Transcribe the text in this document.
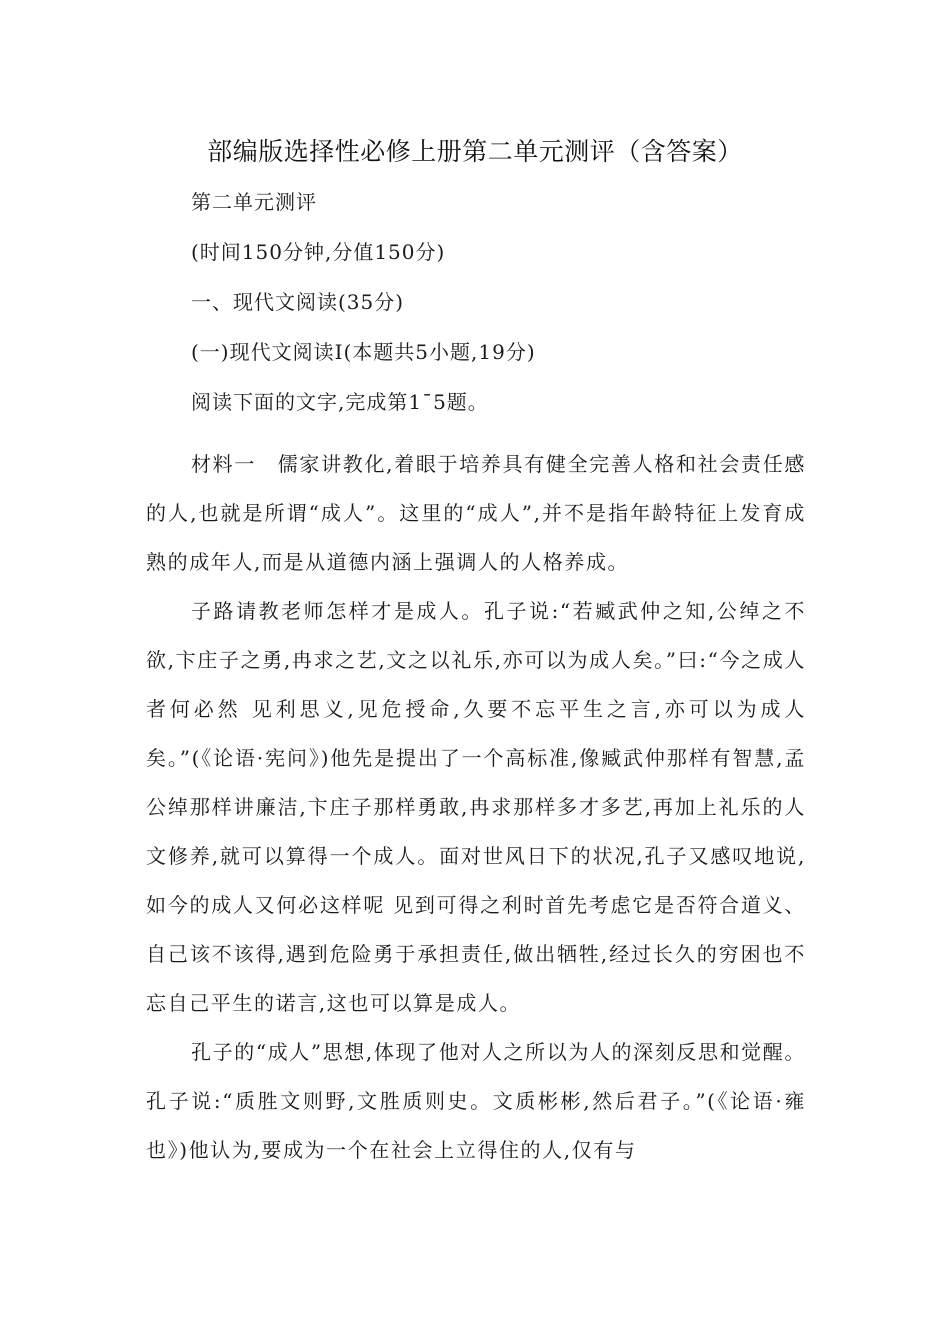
部编版选择性必修上册第二单元测评（含答案）
第二单元测评
(时间150分钟,分值150分)
一、现代文阅读(35分)
(一)现代文阅读Ⅰ(本题共5小题,19分)
阅读下面的文字,完成第1¯5题。

材料一　儒家讲教化,着眼于培养具有健全完善人格和社会责任感的人,也就是所谓“成人”。这里的“成人”,并不是指年龄特征上发育成熟的成年人,而是从道德内涵上强调人的人格养成。

子路请教老师怎样才是成人。孔子说:“若臧武仲之知,公绰之不欲,卞庄子之勇,冉求之艺,文之以礼乐,亦可以为成人矣。”曰:“今之成人者何必然 见利思义,见危授命,久要不忘平生之言,亦可以为成人矣。”(《论语·宪问》)他先是提出了一个高标准,像臧武仲那样有智慧,孟公绰那样讲廉洁,卞庄子那样勇敢,冉求那样多才多艺,再加上礼乐的人文修养,就可以算得一个成人。面对世风日下的状况,孔子又感叹地说,如今的成人又何必这样呢 见到可得之利时首先考虑它是否符合道义、自己该不该得,遇到危险勇于承担责任,做出牺牲,经过长久的穷困也不忘自己平生的诺言,这也可以算是成人。

孔子的“成人”思想,体现了他对人之所以为人的深刻反思和觉醒。孔子说:“质胜文则野,文胜质则史。文质彬彬,然后君子。”(《论语·雍也》)他认为,要成为一个在社会上立得住的人,仅有与
